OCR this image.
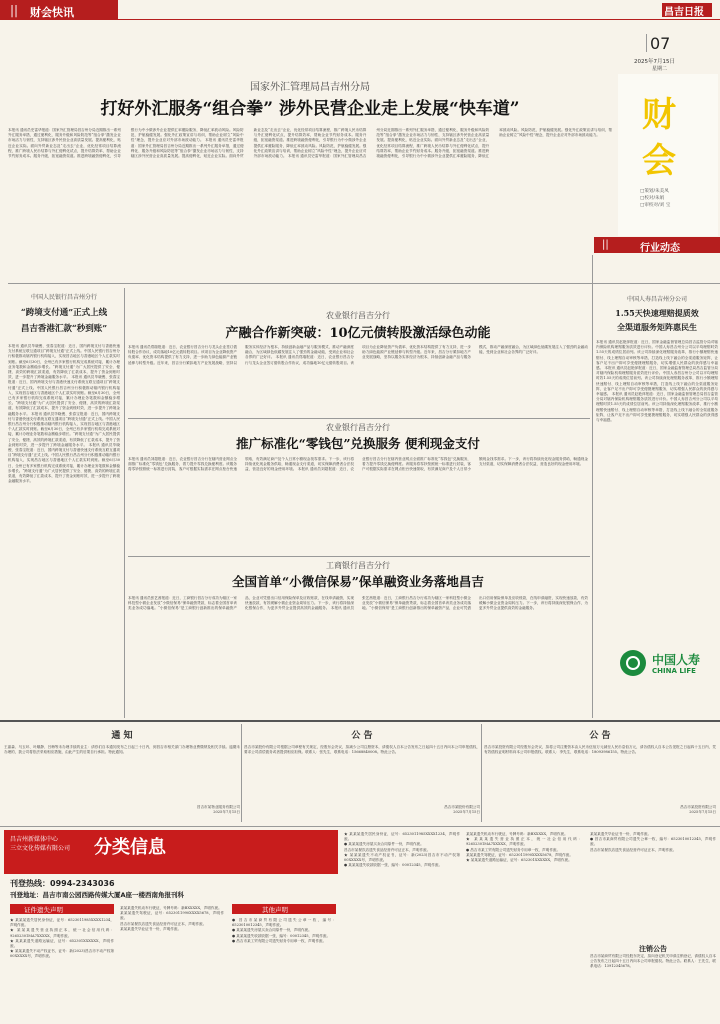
财会快讯
||	昌吉日报
07
2025年7月15日
星期二
财会
□策划/朱美凤
□校对/朱娟
□审校对/刘 宝
行业动态
||
国家外汇管理局昌吉州分局
打好外汇服务“组合拳” 涉外民营企业走上发展“快车道”
本报讯 通讯员史雷华报道：国家外汇管理局昌吉州分局近期推出一系列外汇服务举措，通过便利化、服务升级和风险防范等“组合拳”激发企业市场活力与韧性，支持辖区涉外民营企业高质量发展。提高便利化，贴近企业实际。面向外贸新业态及“走出去”企业，优化经常项目结算流程，推广跨境人民币结算与外汇便利化试点，提升结算效率，帮助企业节约财务成本。服务升级，拓宽融资渠道。推进跨境融资便利化，引导银行为中小微涉外企业提供汇率避险服务，降低汇率波动风险。风险防范，护航稳健发展。强化外汇政策宣讲与培训，帮助企业树立“风险中性”理念，提升企业应对外部市场波动能力。 本报讯 通讯员史雷华报道：国家外汇管理局昌吉州分局近期推出一系列外汇服务举措，通过便利化、服务升级和风险防范等“组合拳”激发企业市场活力与韧性，支持辖区涉外民营企业高质量发展。提高便利化，贴近企业实际。面向外贸新业态及“走出去”企业，优化经常项目结算流程，推广跨境人民币结算与外汇便利化试点，提升结算效率，帮助企业节约财务成本。服务升级，拓宽融资渠道。推进跨境融资便利化，引导银行为中小微涉外企业提供汇率避险服务，降低汇率波动风险。风险防范，护航稳健发展。强化外汇政策宣讲与培训，帮助企业树立“风险中性”理念，提升企业应对外部市场波动能力。 本报讯 通讯员史雷华报道：国家外汇管理局昌吉州分局近期推出一系列外汇服务举措，通过便利化、服务升级和风险防范等“组合拳”激发企业市场活力与韧性，支持辖区涉外民营企业高质量发展。提高便利化，贴近企业实际。面向外贸新业态及“走出去”企业，优化经常项目结算流程，推广跨境人民币结算与外汇便利化试点，提升结算效率，帮助企业节约财务成本。服务升级，拓宽融资渠道。推进跨境融资便利化，引导银行为中小微涉外企业提供汇率避险服务，降低汇率波动风险。风险防范，护航稳健发展。强化外汇政策宣讲与培训，帮助企业树立“风险中性”理念，提升企业应对外部市场波动能力。
中国人民银行昌吉州分行
“跨境支付通”正式上线
昌吉香港汇款“秒到账”
本报讯 通讯员毕晓俊、张春宝报道：近日，国内跨境支付与香港快速支付系统互联互通项目“跨境支付通”正式上线。中国人民银行昌吉州分行积极推动辖内银行机构接入，实现昌吉地区与香港地区个人汇款实时到账。截至6月30日，全州已有多家银行机构完成系统对接，累计办理业务笔数和金额稳步增长。“跨境支付通”为广大居民提供了安全、便捷、高效的跨境汇款渠道，有效降低了汇款成本，提升了资金到账时效，进一步提升了跨境金融服务水平。 本报讯 通讯员毕晓俊、张春宝报道：近日，国内跨境支付与香港快速支付系统互联互通项目“跨境支付通”正式上线。中国人民银行昌吉州分行积极推动辖内银行机构接入，实现昌吉地区与香港地区个人汇款实时到账。截至6月30日，全州已有多家银行机构完成系统对接，累计办理业务笔数和金额稳步增长。“跨境支付通”为广大居民提供了安全、便捷、高效的跨境汇款渠道，有效降低了汇款成本，提升了资金到账时效，进一步提升了跨境金融服务水平。 本报讯 通讯员毕晓俊、张春宝报道：近日，国内跨境支付与香港快速支付系统互联互通项目“跨境支付通”正式上线。中国人民银行昌吉州分行积极推动辖内银行机构接入，实现昌吉地区与香港地区个人汇款实时到账。截至6月30日，全州已有多家银行机构完成系统对接，累计办理业务笔数和金额稳步增长。“跨境支付通”为广大居民提供了安全、便捷、高效的跨境汇款渠道，有效降低了汇款成本，提升了资金到账时效，进一步提升了跨境金融服务水平。 本报讯 通讯员毕晓俊、张春宝报道：近日，国内跨境支付与香港快速支付系统互联互通项目“跨境支付通”正式上线。中国人民银行昌吉州分行积极推动辖内银行机构接入，实现昌吉地区与香港地区个人汇款实时到账。截至6月30日，全州已有多家银行机构完成系统对接，累计办理业务笔数和金额稳步增长。“跨境支付通”为广大居民提供了安全、便捷、高效的跨境汇款渠道，有效降低了汇款成本，提升了资金到账时效，进一步提升了跨境金融服务水平。
农业银行昌吉分行
产融合作新突破：10亿元债转股激活绿色动能
本报讯 通讯员郑瑞报道：近日，农业银行昌吉分行与龙头企业签订债转股合作协议，成功落地10亿元债转股项目。该项目为企业降低资产负债率、优化资本结构提供了有力支持，进一步助力绿色能源产业链延伸与转型升级。近年来，昌吉分行紧扣地方产业发展战略，坚持以服务实体经济为根本，持续创新金融产品与服务模式，推动产融深度融合，为区域绿色低碳发展注入了强劲的金融动能，受到企业和社会各界的广泛好评。 本报讯 通讯员郑瑞报道：近日，农业银行昌吉分行与龙头企业签订债转股合作协议，成功落地10亿元债转股项目。该项目为企业降低资产负债率、优化资本结构提供了有力支持，进一步助力绿色能源产业链延伸与转型升级。近年来，昌吉分行紧扣地方产业发展战略，坚持以服务实体经济为根本，持续创新金融产品与服务模式，推动产融深度融合，为区域绿色低碳发展注入了强劲的金融动能，受到企业和社会各界的广泛好评。
农业银行昌吉分行
推广标准化“零钱包”兑换服务 便利现金支付
本报讯 通讯员刘超报道：近日，农业银行昌吉分行在辖内营业网点全面推广标准化“零钱包”兑换服务，着力提升零钱兑换便利度。该服务将零钞按照统一标准进行封装，客户可根据实际需求在网点柜台快速领取，有效满足商户及个人日常小额现金找零需求。下一步，该行将持续优化现金服务供给，畅通现金支付渠道，切实保障消费者合法权益，营造良好的现金使用环境。 本报讯 通讯员刘超报道：近日，农业银行昌吉分行在辖内营业网点全面推广标准化“零钱包”兑换服务，着力提升零钱兑换便利度。该服务将零钞按照统一标准进行封装，客户可根据实际需求在网点柜台快速领取，有效满足商户及个人日常小额现金找零需求。下一步，该行将持续优化现金服务供给，畅通现金支付渠道，切实保障消费者合法权益，营造良好的现金使用环境。
工商银行昌吉分行
全国首单“小微信保易”保单融资业务落地昌吉
本报讯 通讯员张艺茜报道：近日，工商银行昌吉分行成功为辖区一家科技型小微企业发放“小微信保易”保单融资贷款，标志着全国首单该类业务成功落地。“小微信保易”是工商银行创新推出的保单融资产品，企业可凭借出口信用保险保单及应收账款，在线申请融资，实现快速放款，有效缓解小微企业资金周转压力。下一步，该行将持续深化银保合作，为更多外贸企业提供高效的金融服务。 本报讯 通讯员张艺茜报道：近日，工商银行昌吉分行成功为辖区一家科技型小微企业发放“小微信保易”保单融资贷款，标志着全国首单该类业务成功落地。“小微信保易”是工商银行创新推出的保单融资产品，企业可凭借出口信用保险保单及应收账款，在线申请融资，实现快速放款，有效缓解小微企业资金周转压力。下一步，该行将持续深化银保合作，为更多外贸企业提供高效的金融服务。
中国人寿昌吉州分公司
1.55天快速理赔提质效
全渠道服务矩阵惠民生
本报讯 通讯员赵艳萍报道：近日，国家金融监督管理总局昌吉监管分局对辖内保险机构理赔服务质效进行评价。中国人寿昌吉州分公司以平均理赔时效1.55天的成绩位居前列。该公司持续深化理赔服务改革，推行小额理赔快速赔付、线上理赔自动审核等举措，打造线上线下融合的全渠道服务矩阵，让客户足不出户即可享受便捷理赔服务，切实增强人民群众的获得感与幸福感。 本报讯 通讯员赵艳萍报道：近日，国家金融监督管理总局昌吉监管分局对辖内保险机构理赔服务质效进行评价。中国人寿昌吉州分公司以平均理赔时效1.55天的成绩位居前列。该公司持续深化理赔服务改革，推行小额理赔快速赔付、线上理赔自动审核等举措，打造线上线下融合的全渠道服务矩阵，让客户足不出户即可享受便捷理赔服务，切实增强人民群众的获得感与幸福感。 本报讯 通讯员赵艳萍报道：近日，国家金融监督管理总局昌吉监管分局对辖内保险机构理赔服务质效进行评价。中国人寿昌吉州分公司以平均理赔时效1.55天的成绩位居前列。该公司持续深化理赔服务改革，推行小额理赔快速赔付、线上理赔自动审核等举措，打造线上线下融合的全渠道服务矩阵，让客户足不出户即可享受便捷理赔服务，切实增强人民群众的获得感与幸福感。
中国人寿
CHINA LIFE
通 知
王嘉森、马玉环、叶顺静、吕梅等未办理手续的业主：请你们自本通知发布之日起三十日内，到昌吉市相关部门办理物业费缴纳及相关手续。逾期未办理的，我公司将依法采取相应措施，由此产生的后果自行承担。特此通知。
昌吉市某物业服务有限公司
2025年7月15日
公 告
昌吉市某股份有限公司根据公司章程有关规定，经股东会决议，拟减少公司注册资本，请债权人自本公告发布之日起四十五日内向本公司申报债权，要求公司清偿债务或者提供相应担保。联系人：张先生，联系电话：15668840008。特此公告。
昌吉市某股份有限公司
2025年7月15日
公 告
昌吉市某投资有限公司经股东会决议，拟将公司注册资本由人民币伍佰万元减至人民币壹佰万元，请各债权人自本公告见报之日起四十五日内，凭有效债权证明材料向本公司申报债权。联系人：李先生，联系电话：18093986155。特此公告。
昌吉市某投资有限公司
2025年7月15日
昌吉州新媒体中心
三立文化传媒有限公司 分类信息
刊登热线：0994-2343036
刊登地址：昌吉市南公园西路传媒大厦A座一楼西南角报刊科
证件遗失声明
★ 某某某遗失居民身份证，证号：6523011985XXXX1234，声明作废。
★ 某某某遗失营业执照正本，统一社会信用代码：92652301MA7XXXXX，声明作废。
★ 某某某遗失道路运输证，证号：652301XXXXXX，声明作废。
★ 某某某遗失不动产权证书，证号：新(2023)昌吉市不动产权第00XXXXX号，声明作废。
某某某遗失机动车行驶证，号牌号码：新BXXXXX，声明作废。
某某某遗失驾驶证，证号：6523011990XXXX5678，声明作废。
昌吉市某餐饮店遗失食品经营许可证正本，声明作废。
某某某遗失毕业证书一份，声明作废。
其他声明
● 昌吉市某商贸有限公司遗失公章一枚，编号：6523010012345，声明作废。
● 某某某遗失房屋买卖合同原件一份，声明作废。
● 某某某遗失收款收据一张，编号：00012345，声明作废。
● 昌吉市某工贸有限公司遗失财务专用章一枚，声明作废。
★ 某某某遗失居民身份证，证号：6523011985XXXX1234，声明作废。
● 某某某遗失房屋买卖合同原件一份，声明作废。
昌吉市某餐饮店遗失食品经营许可证正本，声明作废。
★ 某某某遗失不动产权证书，证号：新(2023)昌吉市不动产权第00XXXXX号，声明作废。
● 某某某遗失收款收据一张，编号：00012345，声明作废。
某某某遗失机动车行驶证，号牌号码：新BXXXXX，声明作废。
★ 某某某遗失营业执照正本，统一社会信用代码：92652301MA7XXXXX，声明作废。
● 昌吉市某工贸有限公司遗失财务专用章一枚，声明作废。
某某某遗失驾驶证，证号：6523011990XXXX5678，声明作废。
★ 某某某遗失道路运输证，证号：652301XXXXXX，声明作废。
某某某遗失毕业证书一份，声明作废。
● 昌吉市某商贸有限公司遗失公章一枚，编号：6523010012345，声明作废。
昌吉市某餐饮店遗失食品经营许可证正本，声明作废。
注销公告
昌吉市某商贸有限公司经股东决定，拟向登记机关申请注销登记，请债权人自本公告发布之日起四十五日内向本公司申报债权。特此公告。联系人：王先生，联系电话：13912345678。
